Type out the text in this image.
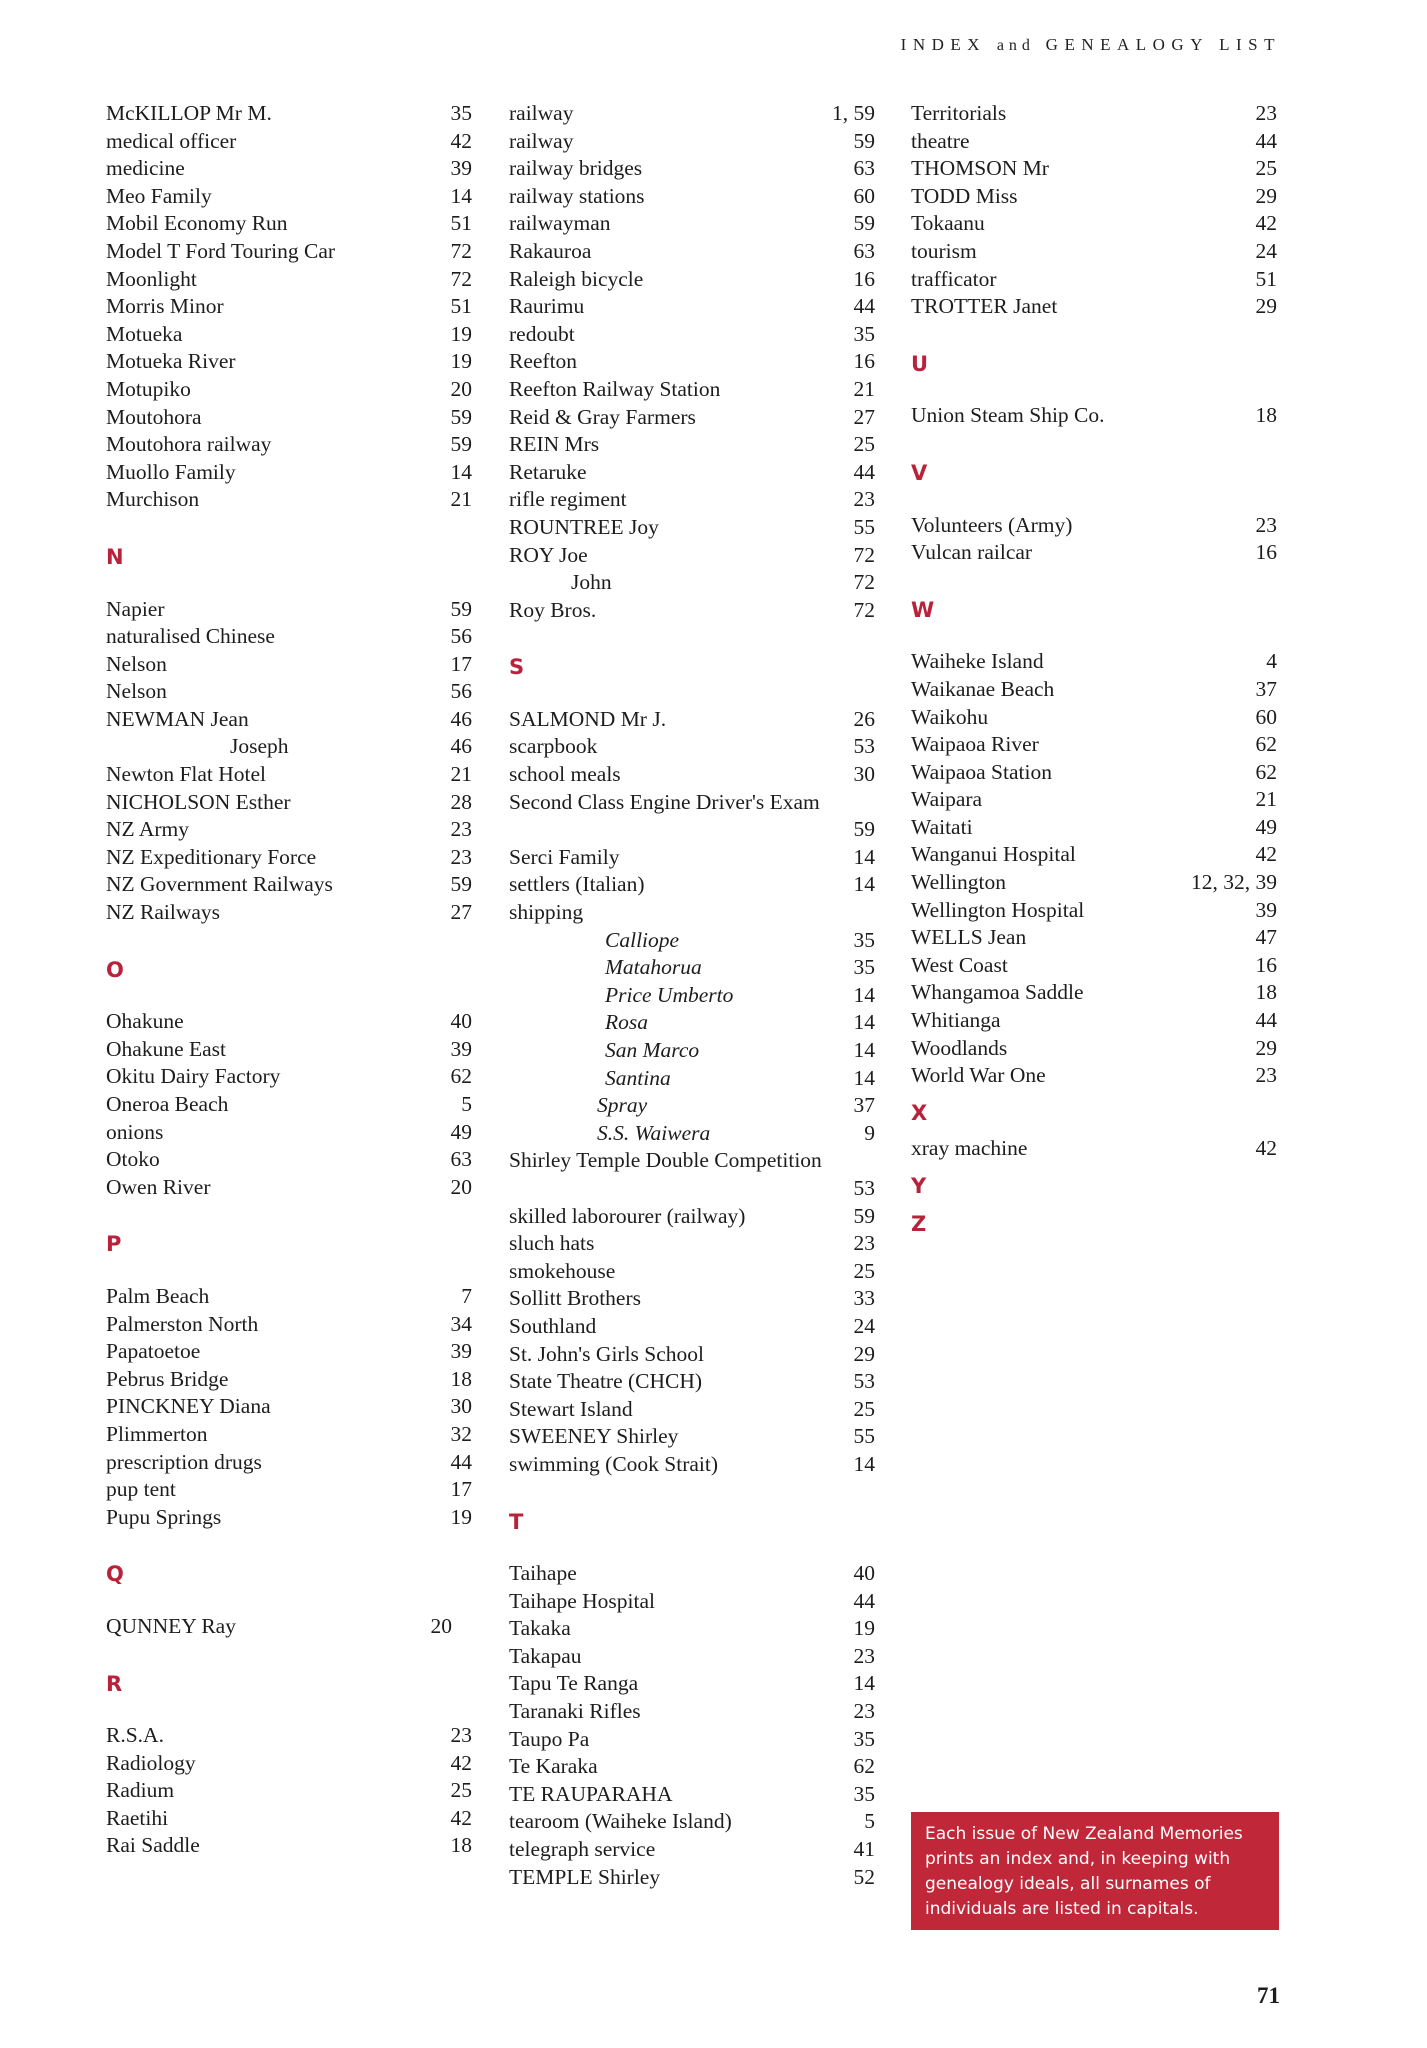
INDEX and GENEALOGY LIST
McKILLOP Mr M.	35
medical officer	42
medicine	39
Meo Family	14
Mobil Economy Run	51
Model T Ford Touring Car	72
Moonlight	72
Morris Minor	51
Motueka	19
Motueka River	19
Motupiko	20
Moutohora	59
Moutohora railway	59
Muollo Family	14
Murchison	21
N
Napier	59
naturalised Chinese	56
Nelson	17
Nelson	56
NEWMAN Jean	46
Joseph	46
Newton Flat Hotel	21
NICHOLSON Esther	28
NZ Army	23
NZ Expeditionary Force	23
NZ Government Railways	59
NZ Railways	27
O
Ohakune	40
Ohakune East	39
Okitu Dairy Factory	62
Oneroa Beach	5
onions	49
Otoko	63
Owen River	20
P
Palm Beach	7
Palmerston North	34
Papatoetoe	39
Pebrus Bridge	18
PINCKNEY Diana	30
Plimmerton	32
prescription drugs	44
pup tent	17
Pupu Springs	19
Q
QUNNEY Ray	20
R
R.S.A.	23
Radiology	42
Radium	25
Raetihi	42
Rai Saddle	18
railway	1, 59
railway	59
railway bridges	63
railway stations	60
railwayman	59
Rakauroa	63
Raleigh bicycle	16
Raurimu	44
redoubt	35
Reefton	16
Reefton Railway Station	21
Reid & Gray Farmers	27
REIN Mrs	25
Retaruke	44
rifle regiment	23
ROUNTREE Joy	55
ROY Joe	72
John	72
Roy Bros.	72
S
SALMOND Mr J.	26
scarpbook	53
school meals	30
Second Class Engine Driver's Exam
59
Serci Family	14
settlers (Italian)	14
shipping
Calliope	35
Matahorua	35
Price Umberto	14
Rosa	14
San Marco	14
Santina	14
Spray	37
S.S. Waiwera	9
Shirley Temple Double Competition
53
skilled laborourer (railway)	59
sluch hats	23
smokehouse	25
Sollitt Brothers	33
Southland	24
St. John's Girls School	29
State Theatre (CHCH)	53
Stewart Island	25
SWEENEY Shirley	55
swimming (Cook Strait)	14
T
Taihape	40
Taihape Hospital	44
Takaka	19
Takapau	23
Tapu Te Ranga	14
Taranaki Rifles	23
Taupo Pa	35
Te Karaka	62
TE RAUPARAHA	35
tearoom (Waiheke Island)	5
telegraph service	41
TEMPLE Shirley	52
Territorials	23
theatre	44
THOMSON Mr	25
TODD Miss	29
Tokaanu	42
tourism	24
trafficator	51
TROTTER Janet	29
U
Union Steam Ship Co.	18
V
Volunteers (Army)	23
Vulcan railcar	16
W
Waiheke Island	4
Waikanae Beach	37
Waikohu	60
Waipaoa River	62
Waipaoa Station	62
Waipara	21
Waitati	49
Wanganui Hospital	42
Wellington	12, 32, 39
Wellington Hospital	39
WELLS Jean	47
West Coast	16
Whangamoa Saddle	18
Whitianga	44
Woodlands	29
World War One	23
X
xray machine	42
Y
Z
Each issue of New Zealand Memories prints an index and, in keeping with genealogy ideals, all surnames of individuals are listed in capitals.
71
